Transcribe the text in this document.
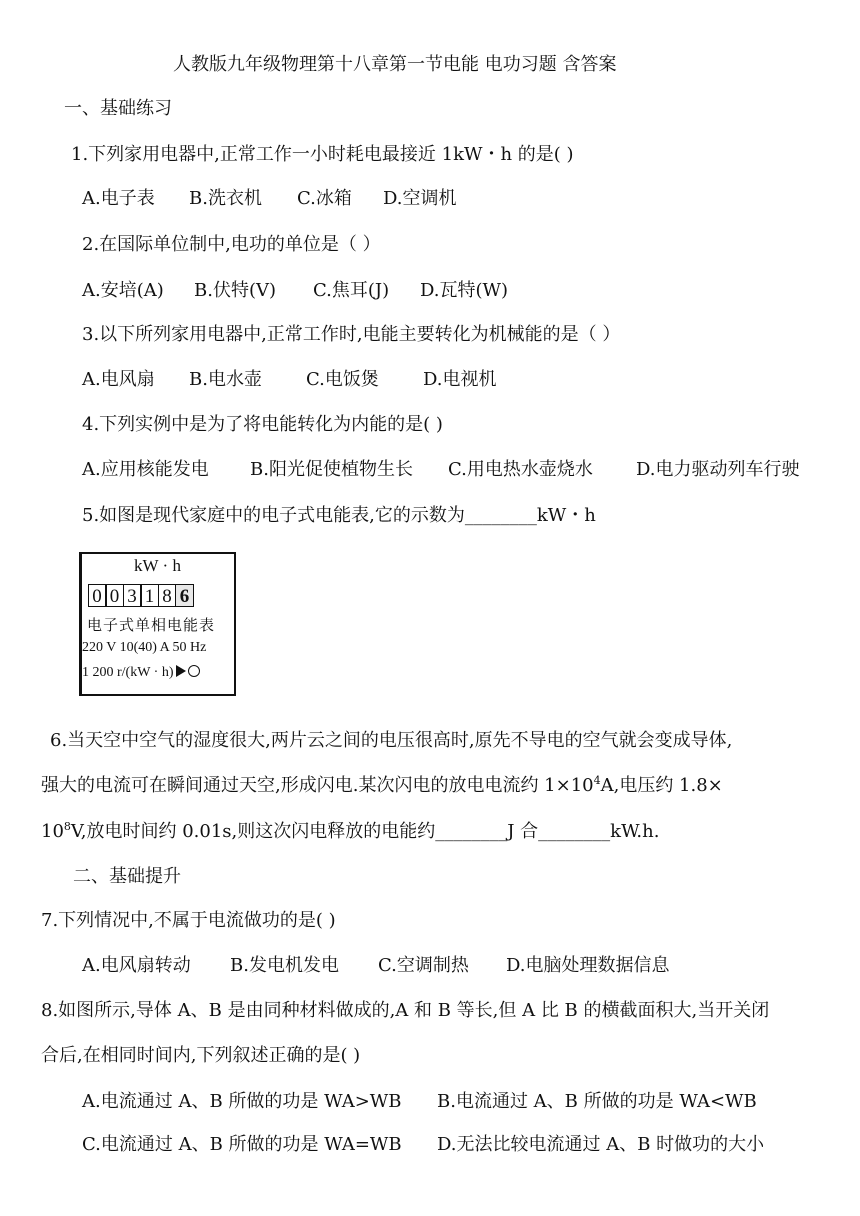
人教版九年级物理第十八章第一节电能 电功习题 含答案
一、基础练习
1.下列家用电器中,正常工作一小时耗电最接近 1kW・h 的是( )
A.电子表 B.洗衣机 C.冰箱 D.空调机
2.在国际单位制中,电功的单位是（ ）
A.安培(A) B.伏特(V) C.焦耳(J) D.瓦特(W)
3.以下所列家用电器中,正常工作时,电能主要转化为机械能的是（ ）
A.电风扇 B.电水壶 C.电饭煲 D.电视机
4.下列实例中是为了将电能转化为内能的是( )
A.应用核能发电 B.阳光促使植物生长 C.用电热水壶烧水 D.电力驱动列车行驶
5.如图是现代家庭中的电子式电能表,它的示数为________kW・h
kW · h
0 0 3 1 8 6
电子式单相电能表
220 V 10(40) A 50 Hz
1 200 r/(kW · h)
6.当天空中空气的湿度很大,两片云之间的电压很高时,原先不导电的空气就会变成导体,
强大的电流可在瞬间通过天空,形成闪电.某次闪电的放电电流约 $1\times 10^4A$,电压约 1.8×
$10^8V$,放电时间约 0.01s,则这次闪电释放的电能约________J 合________kW.h.
二、基础提升
7.下列情况中,不属于电流做功的是( )
A.电风扇转动 B.发电机发电 C.空调制热 D.电脑处理数据信息
8.如图所示,导体 A、B 是由同种材料做成的,A 和 B 等长,但 A 比 B 的横截面积大,当开关闭
合后,在相同时间内,下列叙述正确的是( )
A.电流通过 A、B 所做的功是 WA>WB B.电流通过 A、B 所做的功是 WA<WB
C.电流通过 A、B 所做的功是 WA=WB D.无法比较电流通过 A、B 时做功的大小
